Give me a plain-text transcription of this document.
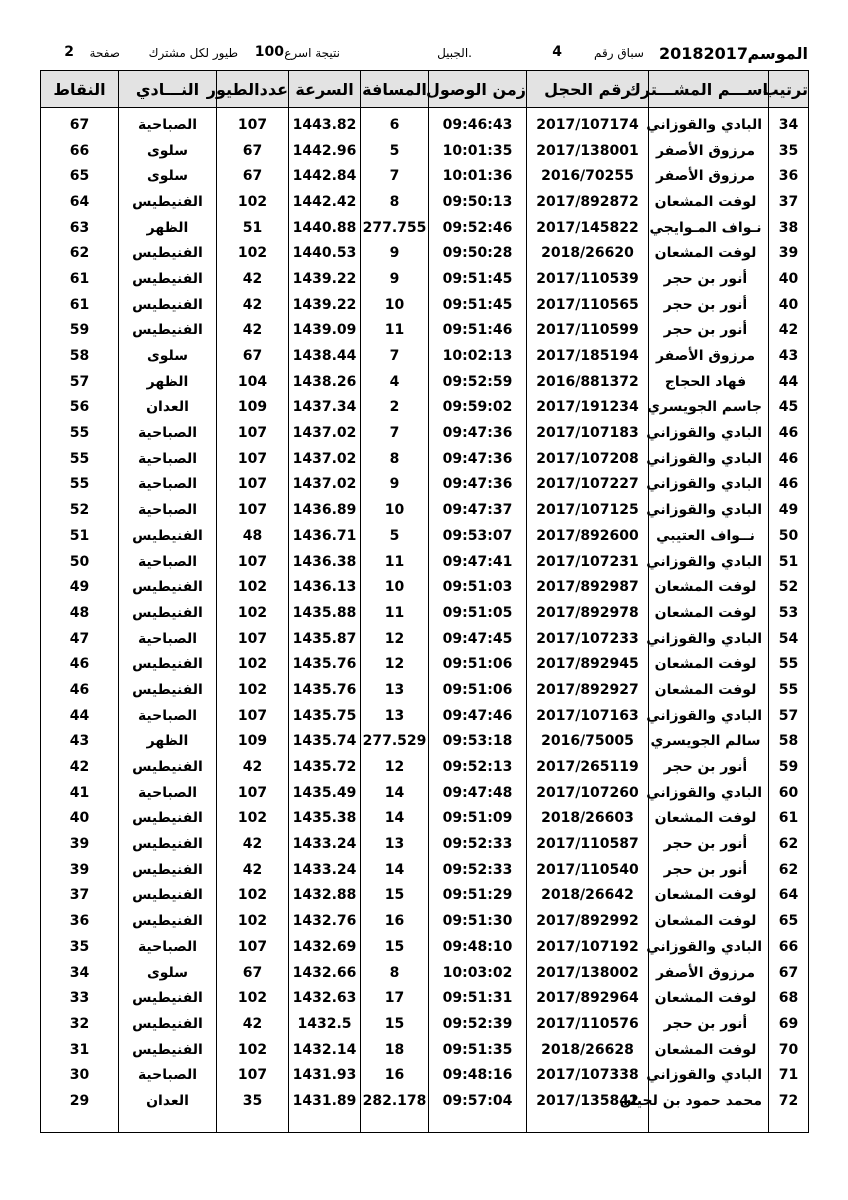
الموسم
20182017
سباق رقم
4
الجبيل.
نتيجة اسرع
100
طيور لكل مشترك
صفحة
2
ترتيب	اســـم المشـــترك	رقم الحجل	زمن الوصول	المسافة	السرعة	عددالطيور	النـــادي	النقاط
34	البادي والقوزاني	2017/107174	09:46:43	6	1443.82	107	الصباحية	67
35	مرزوق الأصفر	2017/138001	10:01:35	5	1442.96	67	سلوى	66
36	مرزوق الأصفر	2016/70255	10:01:36	7	1442.84	67	سلوى	65
37	لوفت المشعان	2017/892872	09:50:13	8	1442.42	102	الفنيطيس	64
38	نـواف المـوايجي	2017/145822	09:52:46	277.755	1440.88	51	الظهر	63
39	لوفت المشعان	2018/26620	09:50:28	9	1440.53	102	الفنيطيس	62
40	أنور بن حجر	2017/110539	09:51:45	9	1439.22	42	الفنيطيس	61
40	أنور بن حجر	2017/110565	09:51:45	10	1439.22	42	الفنيطيس	61
42	أنور بن حجر	2017/110599	09:51:46	11	1439.09	42	الفنيطيس	59
43	مرزوق الأصفر	2017/185194	10:02:13	7	1438.44	67	سلوى	58
44	فهاد الحجاج	2016/881372	09:52:59	4	1438.26	104	الظهر	57
45	جاسم الجويسري	2017/191234	09:59:02	2	1437.34	109	العدان	56
46	البادي والقوزاني	2017/107183	09:47:36	7	1437.02	107	الصباحية	55
46	البادي والقوزاني	2017/107208	09:47:36	8	1437.02	107	الصباحية	55
46	البادي والقوزاني	2017/107227	09:47:36	9	1437.02	107	الصباحية	55
49	البادي والقوزاني	2017/107125	09:47:37	10	1436.89	107	الصباحية	52
50	نــواف العتيبي	2017/892600	09:53:07	5	1436.71	48	الفنيطيس	51
51	البادي والقوزاني	2017/107231	09:47:41	11	1436.38	107	الصباحية	50
52	لوفت المشعان	2017/892987	09:51:03	10	1436.13	102	الفنيطيس	49
53	لوفت المشعان	2017/892978	09:51:05	11	1435.88	102	الفنيطيس	48
54	البادي والقوزاني	2017/107233	09:47:45	12	1435.87	107	الصباحية	47
55	لوفت المشعان	2017/892945	09:51:06	12	1435.76	102	الفنيطيس	46
55	لوفت المشعان	2017/892927	09:51:06	13	1435.76	102	الفنيطيس	46
57	البادي والقوزاني	2017/107163	09:47:46	13	1435.75	107	الصباحية	44
58	سالم الجويسري	2016/75005	09:53:18	277.529	1435.74	109	الظهر	43
59	أنور بن حجر	2017/265119	09:52:13	12	1435.72	42	الفنيطيس	42
60	البادي والقوزاني	2017/107260	09:47:48	14	1435.49	107	الصباحية	41
61	لوفت المشعان	2018/26603	09:51:09	14	1435.38	102	الفنيطيس	40
62	أنور بن حجر	2017/110587	09:52:33	13	1433.24	42	الفنيطيس	39
62	أنور بن حجر	2017/110540	09:52:33	14	1433.24	42	الفنيطيس	39
64	لوفت المشعان	2018/26642	09:51:29	15	1432.88	102	الفنيطيس	37
65	لوفت المشعان	2017/892992	09:51:30	16	1432.76	102	الفنيطيس	36
66	البادي والقوزاني	2017/107192	09:48:10	15	1432.69	107	الصباحية	35
67	مرزوق الأصفر	2017/138002	10:03:02	8	1432.66	67	سلوى	34
68	لوفت المشعان	2017/892964	09:51:31	17	1432.63	102	الفنيطيس	33
69	أنور بن حجر	2017/110576	09:52:39	15	1432.5	42	الفنيطيس	32
70	لوفت المشعان	2018/26628	09:51:35	18	1432.14	102	الفنيطيس	31
71	البادي والقوزاني	2017/107338	09:48:16	16	1431.93	107	الصباحية	30
72	محمد حمود بن لحيان	2017/135842	09:57:04	282.178	1431.89	35	العدان	29
